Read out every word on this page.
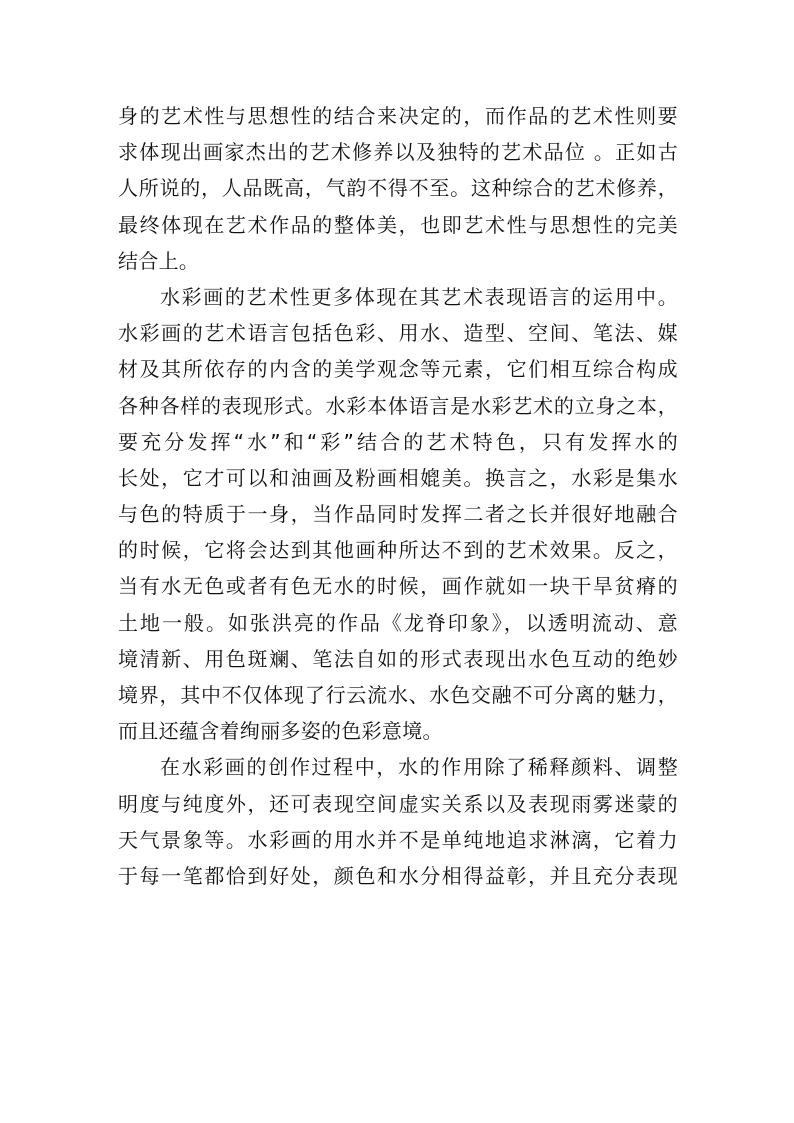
身的艺术性与思想性的结合来决定的，而作品的艺术性则要
求体现出画家杰出的艺术修养以及独特的艺术品位 。正如古
人所说的，人品既高，气韵不得不至。这种综合的艺术修养，
最终体现在艺术作品的整体美，也即艺术性与思想性的完美
结合上。
水彩画的艺术性更多体现在其艺术表现语言的运用中。
水彩画的艺术语言包括色彩、用水、造型、空间、笔法、媒
材及其所依存的内含的美学观念等元素，它们相互综合构成
各种各样的表现形式。水彩本体语言是水彩艺术的立身之本，
要充分发挥“水”和“彩”结合的艺术特色，只有发挥水的
长处，它才可以和油画及粉画相媲美。换言之，水彩是集水
与色的特质于一身，当作品同时发挥二者之长并很好地融合
的时候，它将会达到其他画种所达不到的艺术效果。反之，
当有水无色或者有色无水的时候，画作就如一块干旱贫瘠的
土地一般。如张洪亮的作品《龙脊印象》，以透明流动、意
境清新、用色斑斓、笔法自如的形式表现出水色互动的绝妙
境界，其中不仅体现了行云流水、水色交融不可分离的魅力，
而且还蕴含着绚丽多姿的色彩意境。
在水彩画的创作过程中，水的作用除了稀释颜料、调整
明度与纯度外，还可表现空间虚实关系以及表现雨雾迷蒙的
天气景象等。水彩画的用水并不是单纯地追求淋漓，它着力
于每一笔都恰到好处，颜色和水分相得益彰，并且充分表现
